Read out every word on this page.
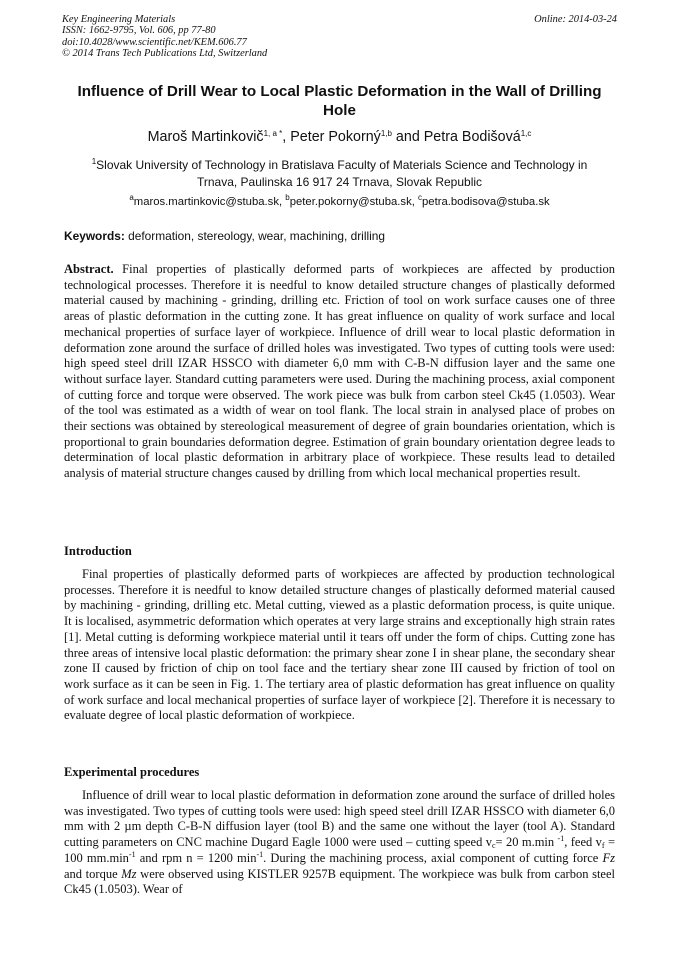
Key Engineering Materials
ISSN: 1662-9795, Vol. 606, pp 77-80
doi:10.4028/www.scientific.net/KEM.606.77
© 2014 Trans Tech Publications Ltd, Switzerland
Online: 2014-03-24
Influence of Drill Wear to Local Plastic Deformation in the Wall of Drilling Hole
Maroš Martinkovič$^{1, a *}$, Peter Pokorný$^{1,b}$ and Petra Bodišová$^{1,c}$
$^1$Slovak University of Technology in Bratislava Faculty of Materials Science and Technology in Trnava, Paulinska 16 917 24 Trnava, Slovak Republic
$^a$maros.martinkovic@stuba.sk, $^b$peter.pokorny@stuba.sk, $^c$petra.bodisova@stuba.sk
Keywords: deformation, stereology, wear, machining, drilling
Abstract. Final properties of plastically deformed parts of workpieces are affected by production technological processes. Therefore it is needful to know detailed structure changes of plastically deformed material caused by machining - grinding, drilling etc. Friction of tool on work surface causes one of three areas of plastic deformation in the cutting zone. It has great influence on quality of work surface and local mechanical properties of surface layer of workpiece. Influence of drill wear to local plastic deformation in deformation zone around the surface of drilled holes was investigated. Two types of cutting tools were used: high speed steel drill IZAR HSSCO with diameter 6,0 mm with C-B-N diffusion layer and the same one without surface layer. Standard cutting parameters were used. During the machining process, axial component of cutting force and torque were observed. The work piece was bulk from carbon steel Ck45 (1.0503). Wear of the tool was estimated as a width of wear on tool flank. The local strain in analysed place of probes on their sections was obtained by stereological measurement of degree of grain boundaries orientation, which is proportional to grain boundaries deformation degree. Estimation of grain boundary orientation degree leads to determination of local plastic deformation in arbitrary place of workpiece. These results lead to detailed analysis of material structure changes caused by drilling from which local mechanical properties result.
Introduction
Final properties of plastically deformed parts of workpieces are affected by production technological processes. Therefore it is needful to know detailed structure changes of plastically deformed material caused by machining - grinding, drilling etc. Metal cutting, viewed as a plastic deformation process, is quite unique. It is localised, asymmetric deformation which operates at very large strains and exceptionally high strain rates [1]. Metal cutting is deforming workpiece material until it tears off under the form of chips. Cutting zone has three areas of intensive local plastic deformation: the primary shear zone I in shear plane, the secondary shear zone II caused by friction of chip on tool face and the tertiary shear zone III caused by friction of tool on work surface as it can be seen in Fig. 1. The tertiary area of plastic deformation has great influence on quality of work surface and local mechanical properties of surface layer of workpiece [2]. Therefore it is necessary to evaluate degree of local plastic deformation of workpiece.
Experimental procedures
Influence of drill wear to local plastic deformation in deformation zone around the surface of drilled holes was investigated. Two types of cutting tools were used: high speed steel drill IZAR HSSCO with diameter 6,0 mm with 2 µm depth C-B-N diffusion layer (tool B) and the same one without the layer (tool A). Standard cutting parameters on CNC machine Dugard Eagle 1000 were used – cutting speed $v_c= 20$ m.min $^{-1}$, feed $v_f = 100$ $mm.\min^{-1}$ and rpm n = 1200 $\min^{-1}$. During the machining process, axial component of cutting force Fz and torque Mz were observed using KISTLER 9257B equipment. The workpiece was bulk from carbon steel Ck45 (1.0503). Wear of
